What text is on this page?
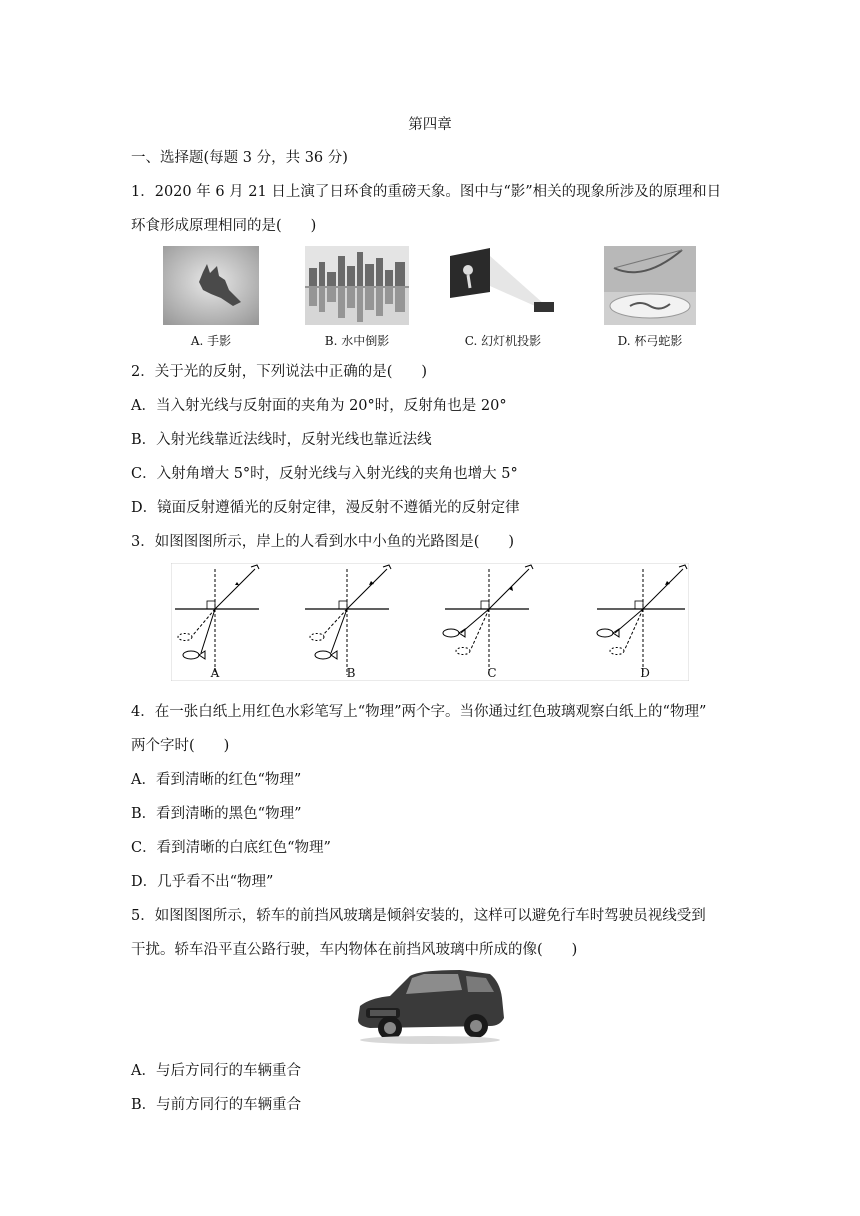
第四章
一、选择题(每题 3 分，共 36 分)
1．2020 年 6 月 21 日上演了日环食的重磅天象。图中与“影”相关的现象所涉及的原理和日
环食形成原理相同的是(　　)
A. 手影	B. 水中倒影	C. 幻灯机投影	D. 杯弓蛇影
2．关于光的反射，下列说法中正确的是(　　)
A．当入射光线与反射面的夹角为 20°时，反射角也是 20°
B．入射光线靠近法线时，反射光线也靠近法线
C．入射角增大 5°时，反射光线与入射光线的夹角也增大 5°
D．镜面反射遵循光的反射定律，漫反射不遵循光的反射定律
3．如图图图所示，岸上的人看到水中小鱼的光路图是(　　)
A	B	C	D
4．在一张白纸上用红色水彩笔写上“物理”两个字。当你通过红色玻璃观察白纸上的“物理”
两个字时(　　)
A．看到清晰的红色“物理”
B．看到清晰的黑色“物理”
C．看到清晰的白底红色“物理”
D．几乎看不出“物理”
5．如图图图所示，轿车的前挡风玻璃是倾斜安装的，这样可以避免行车时驾驶员视线受到
干扰。轿车沿平直公路行驶，车内物体在前挡风玻璃中所成的像(　　)
A．与后方同行的车辆重合
B．与前方同行的车辆重合
